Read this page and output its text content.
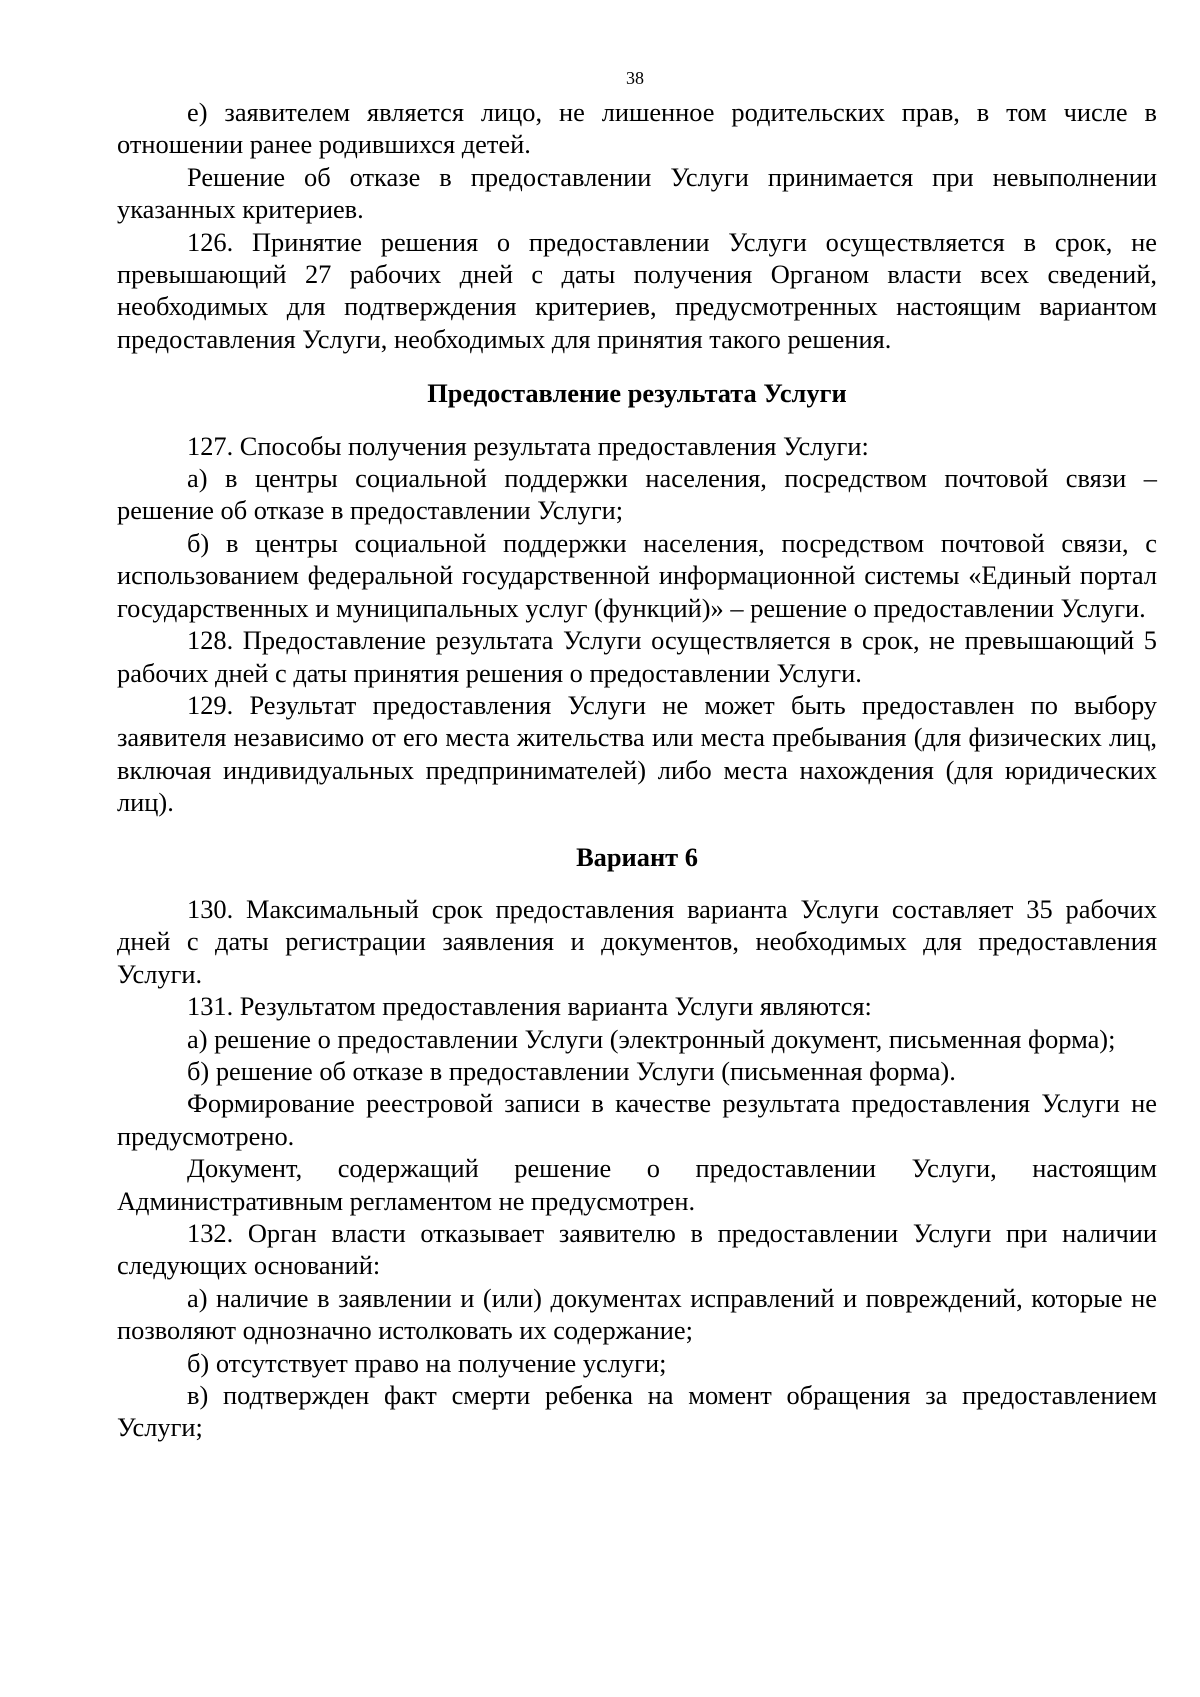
38

е) заявителем является лицо, не лишенное родительских прав, в том числе в отношении ранее родившихся детей.

Решение об отказе в предоставлении Услуги принимается при невыполнении указанных критериев.

126. Принятие решения о предоставлении Услуги осуществляется в срок, не превышающий 27 рабочих дней с даты получения Органом власти всех сведений, необходимых для подтверждения критериев, предусмотренных настоящим вариантом предоставления Услуги, необходимых для принятия такого решения.

Предоставление результата Услуги

127. Способы получения результата предоставления Услуги:

а) в центры социальной поддержки населения, посредством почтовой связи – решение об отказе в предоставлении Услуги;

б) в центры социальной поддержки населения, посредством почтовой связи, с использованием федеральной государственной информационной системы «Единый портал государственных и муниципальных услуг (функций)» – решение о предоставлении Услуги.

128. Предоставление результата Услуги осуществляется в срок, не превышающий 5 рабочих дней с даты принятия решения о предоставлении Услуги.

129. Результат предоставления Услуги не может быть предоставлен по выбору заявителя независимо от его места жительства или места пребывания (для физических лиц, включая индивидуальных предпринимателей) либо места нахождения (для юридических лиц).

Вариант 6

130. Максимальный срок предоставления варианта Услуги составляет 35 рабочих дней с даты регистрации заявления и документов, необходимых для предоставления Услуги.

131. Результатом предоставления варианта Услуги являются:

а) решение о предоставлении Услуги (электронный документ, письменная форма);

б) решение об отказе в предоставлении Услуги (письменная форма).

Формирование реестровой записи в качестве результата предоставления Услуги не предусмотрено.

Документ, содержащий решение о предоставлении Услуги, настоящим Административным регламентом не предусмотрен.

132. Орган власти отказывает заявителю в предоставлении Услуги при наличии следующих оснований:

а) наличие в заявлении и (или) документах исправлений и повреждений, которые не позволяют однозначно истолковать их содержание;

б) отсутствует право на получение услуги;

в) подтвержден факт смерти ребенка на момент обращения за предоставлением Услуги;
